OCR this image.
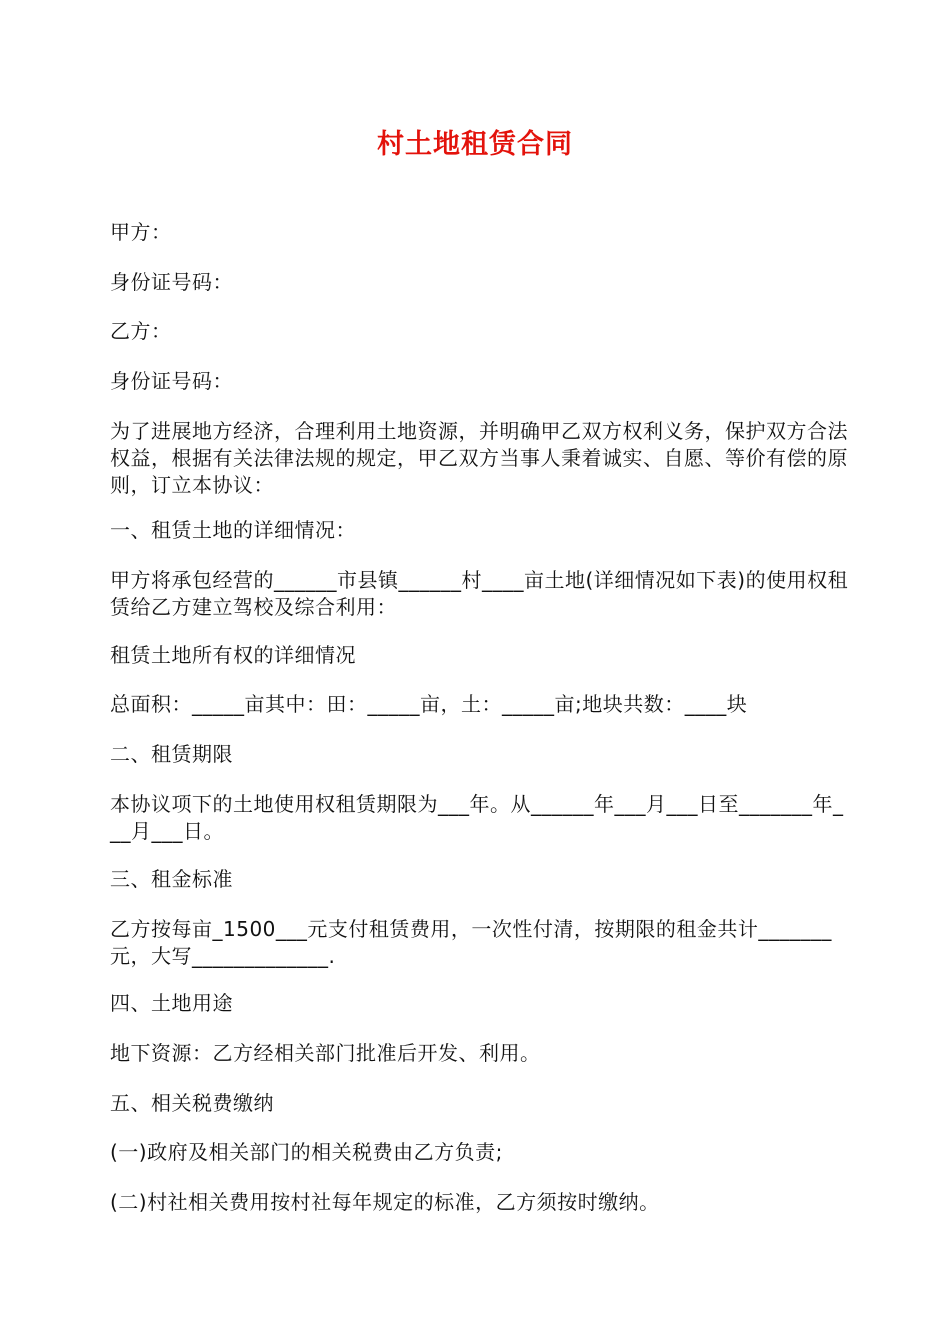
村土地租赁合同
甲方：
身份证号码：
乙方：
身份证号码：
为了进展地方经济，合理利用土地资源，并明确甲乙双方权利义务，保护双方合法权益，根据有关法律法规的规定，甲乙双方当事人秉着诚实、自愿、等价有偿的原则，订立本协议：
一、租赁土地的详细情况：
甲方将承包经营的______市县镇______村____亩土地(详细情况如下表)的使用权租赁给乙方建立驾校及综合利用：
租赁土地所有权的详细情况
总面积：_____亩其中：田：_____亩，土：_____亩;地块共数：____块
二、租赁期限
本协议项下的土地使用权租赁期限为___年。从______年___月___日至_______年___月___日。
三、租金标准
乙方按每亩_1500___元支付租赁费用，一次性付清，按期限的租金共计_______元，大写_____________.
四、土地用途
地下资源：乙方经相关部门批准后开发、利用。
五、相关税费缴纳
(一)政府及相关部门的相关税费由乙方负责;
(二)村社相关费用按村社每年规定的标准，乙方须按时缴纳。
